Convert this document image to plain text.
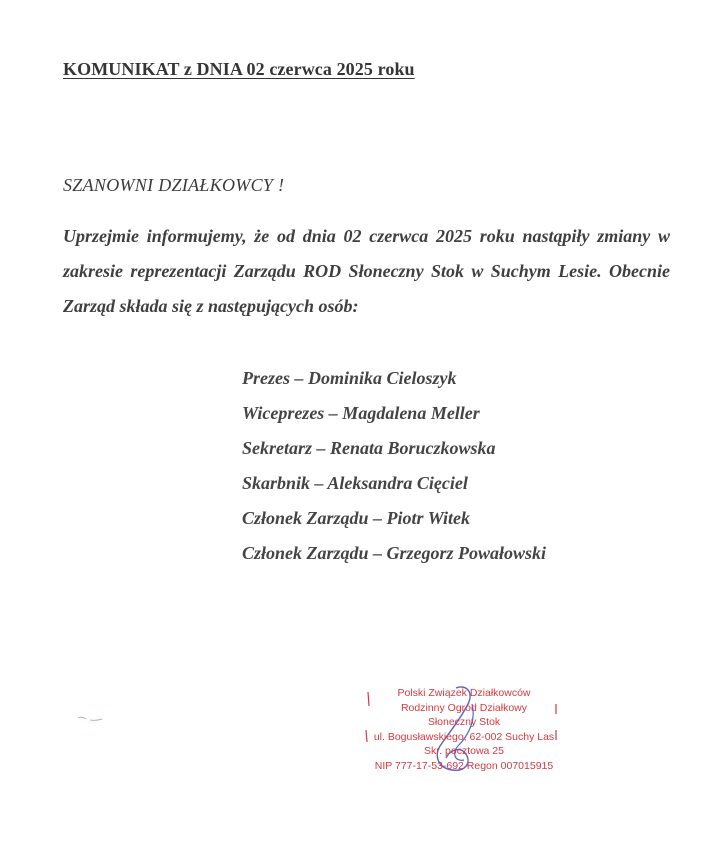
KOMUNIKAT z DNIA 02 czerwca 2025 roku
SZANOWNI DZIAŁKOWCY !

Uprzejmie informujemy, że od dnia 02 czerwca 2025 roku nastąpiły zmiany w zakresie reprezentacji Zarządu ROD Słoneczny Stok w Suchym Lesie. Obecnie Zarząd składa się z następujących osób:

Prezes – Dominika Cieloszyk
Wiceprezes – Magdalena Meller
Sekretarz – Renata Boruczkowska
Skarbnik – Aleksandra Cięciel
Członek Zarządu – Piotr Witek
Członek Zarządu – Grzegorz Powałowski
Polski Związek Działkowców
Rodzinny Ogród Działkowy
Słoneczny Stok
ul. Bogusławskiego, 62-002 Suchy Las
Skr. pocztowa 25
NIP 777-17-53-692 Regon 007015915
